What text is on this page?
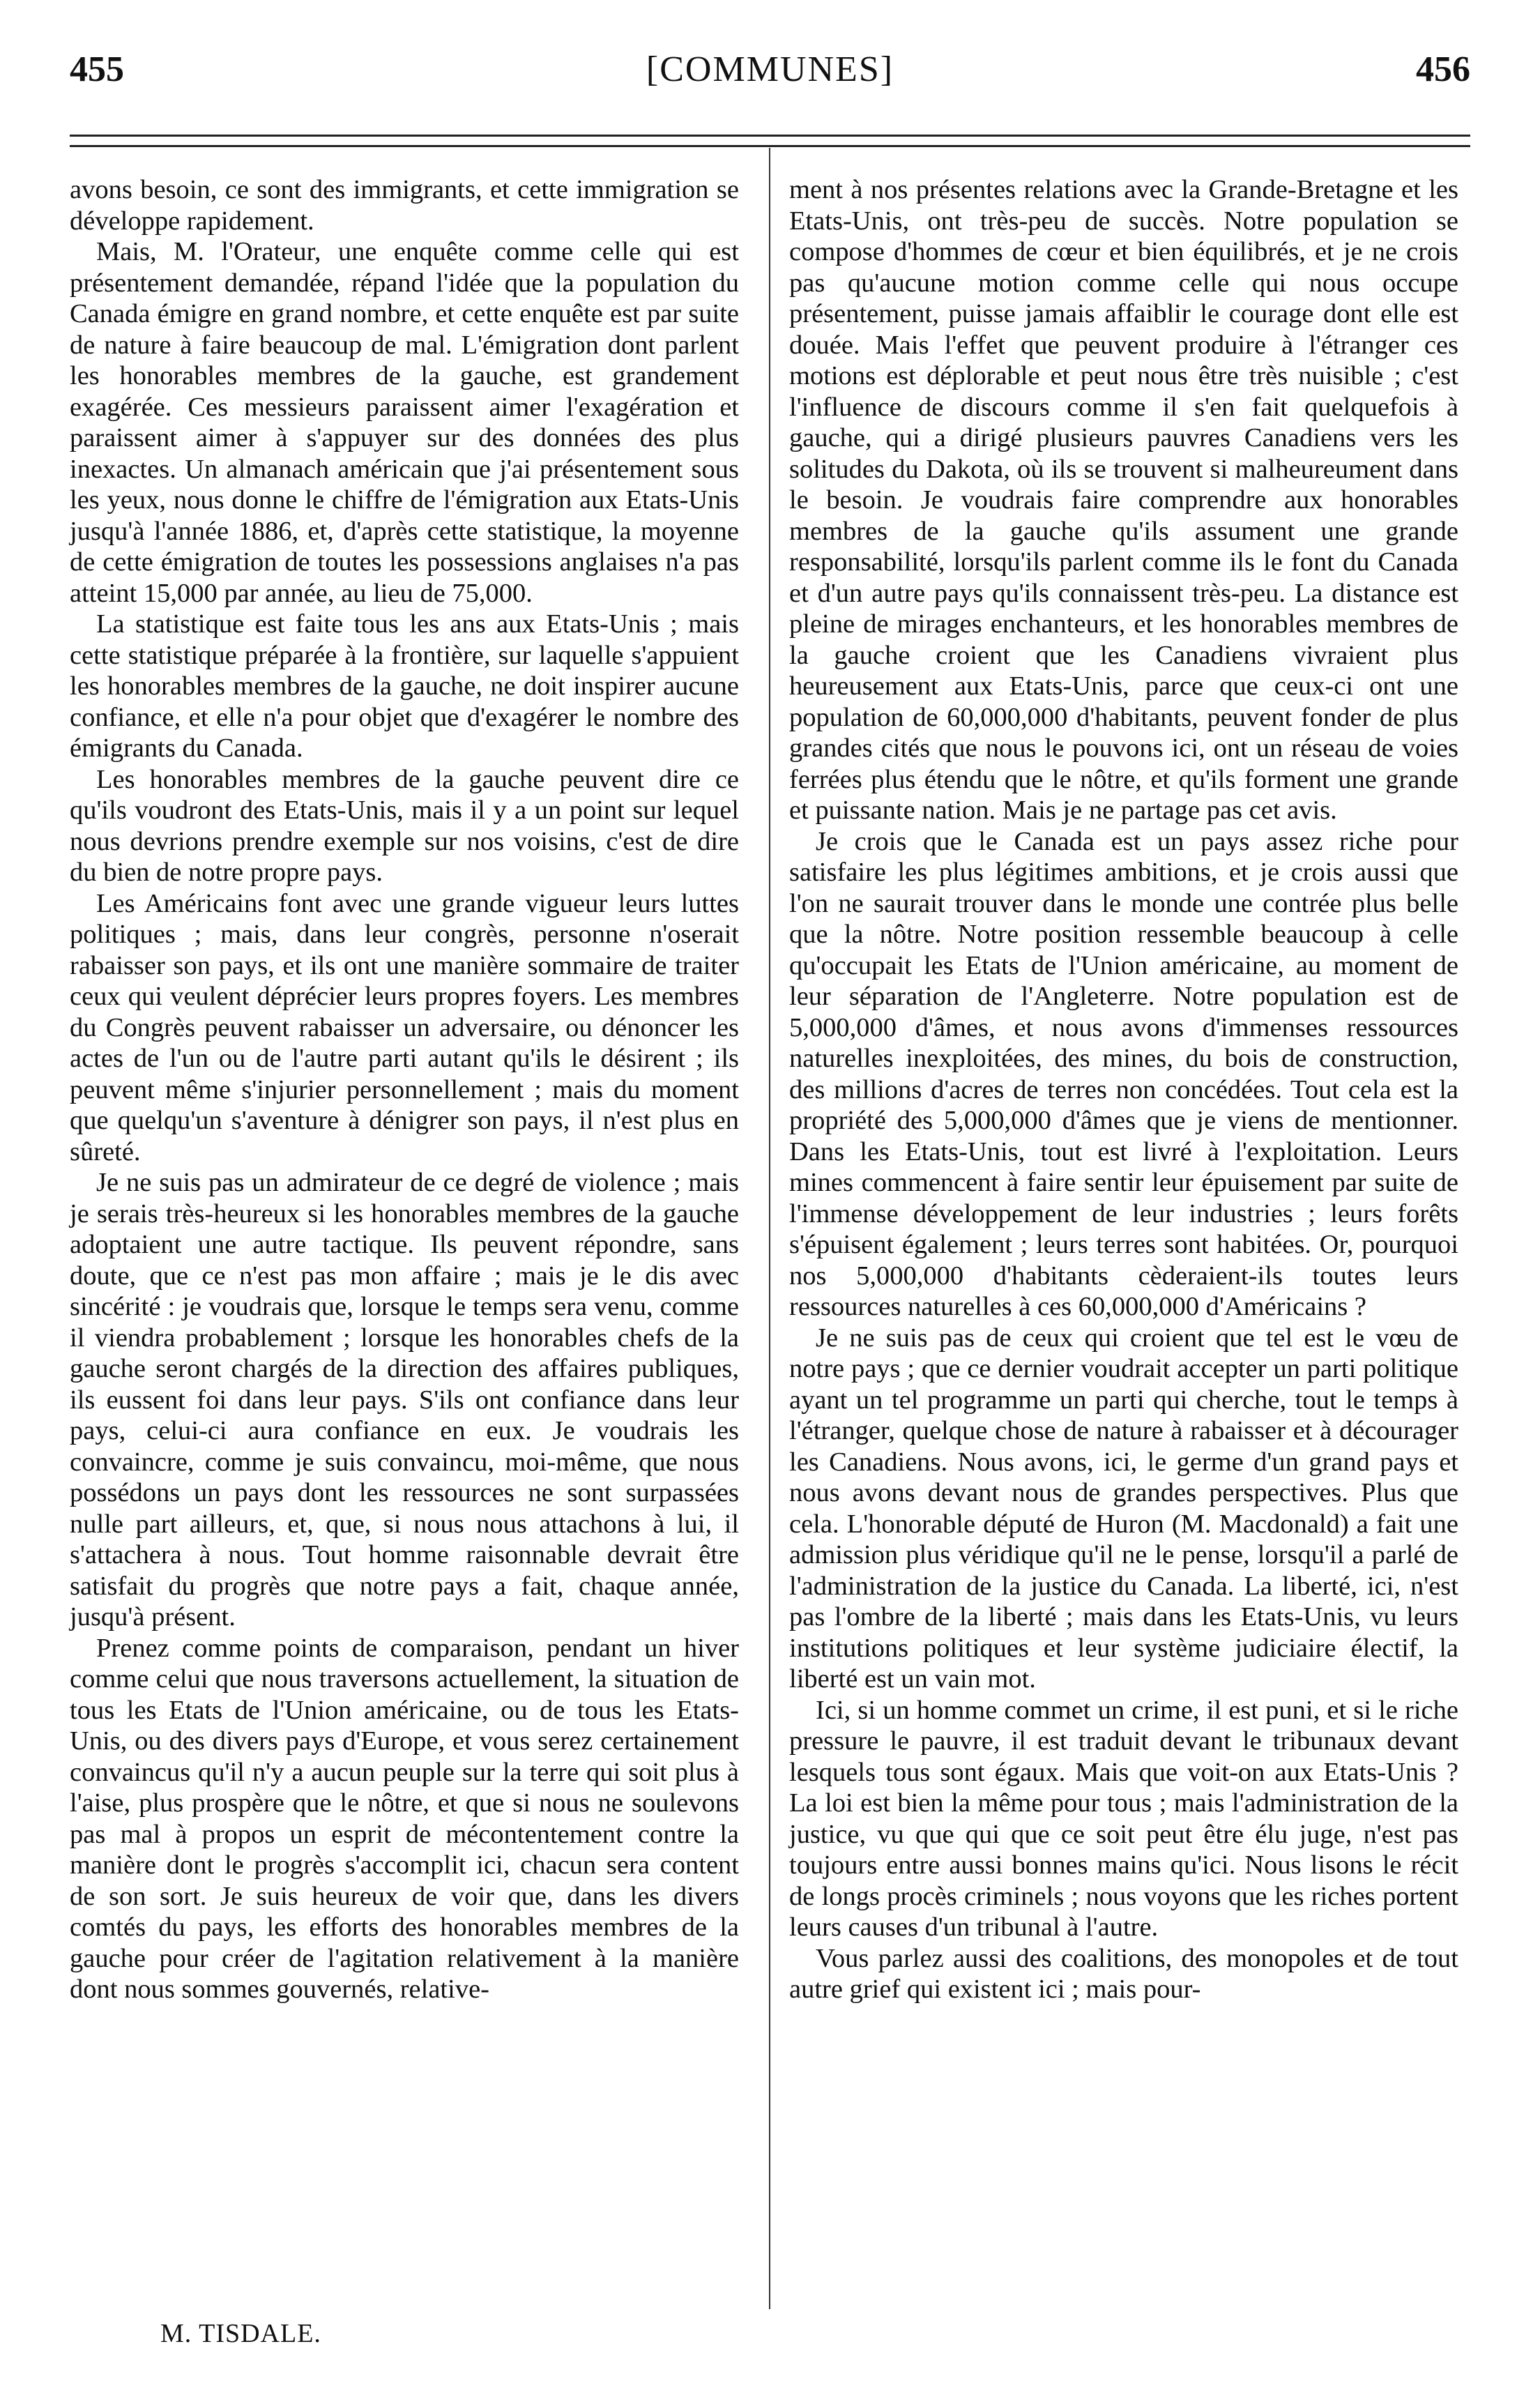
455	[COMMUNES]	456

avons besoin, ce sont des immigrants, et cette immigration se développe rapidement.

Mais, M. l'Orateur, une enquête comme celle qui est présentement demandée, répand l'idée que la population du Canada émigre en grand nombre, et cette enquête est par suite de nature à faire beaucoup de mal. L'émigration dont parlent les honorables membres de la gauche, est grandement exagérée. Ces messieurs paraissent aimer l'exagération et paraissent aimer à s'appuyer sur des données des plus inexactes. Un almanach américain que j'ai présentement sous les yeux, nous donne le chiffre de l'émigration aux Etats-Unis jusqu'à l'année 1886, et, d'après cette statistique, la moyenne de cette émigration de toutes les possessions anglaises n'a pas atteint 15,000 par année, au lieu de 75,000.

La statistique est faite tous les ans aux Etats-Unis ; mais cette statistique préparée à la frontière, sur laquelle s'appuient les honorables membres de la gauche, ne doit inspirer aucune confiance, et elle n'a pour objet que d'exagérer le nombre des émigrants du Canada.

Les honorables membres de la gauche peuvent dire ce qu'ils voudront des Etats-Unis, mais il y a un point sur lequel nous devrions prendre exemple sur nos voisins, c'est de dire du bien de notre propre pays.

Les Américains font avec une grande vigueur leurs luttes politiques ; mais, dans leur congrès, personne n'oserait rabaisser son pays, et ils ont une manière sommaire de traiter ceux qui veulent déprécier leurs propres foyers. Les membres du Congrès peuvent rabaisser un adversaire, ou dénoncer les actes de l'un ou de l'autre parti autant qu'ils le désirent ; ils peuvent même s'injurier personnellement ; mais du moment que quelqu'un s'aventure à dénigrer son pays, il n'est plus en sûreté.

Je ne suis pas un admirateur de ce degré de violence ; mais je serais très-heureux si les honorables membres de la gauche adoptaient une autre tactique. Ils peuvent répondre, sans doute, que ce n'est pas mon affaire ; mais je le dis avec sincérité : je voudrais que, lorsque le temps sera venu, comme il viendra probablement ; lorsque les honorables chefs de la gauche seront chargés de la direction des affaires publiques, ils eussent foi dans leur pays. S'ils ont confiance dans leur pays, celui-ci aura confiance en eux. Je voudrais les convaincre, comme je suis convaincu, moi-même, que nous possédons un pays dont les ressources ne sont surpassées nulle part ailleurs, et, que, si nous nous attachons à lui, il s'attachera à nous. Tout homme raisonnable devrait être satisfait du progrès que notre pays a fait, chaque année, jusqu'à présent.

Prenez comme points de comparaison, pendant un hiver comme celui que nous traversons actuellement, la situation de tous les Etats de l'Union américaine, ou de tous les Etats-Unis, ou des divers pays d'Europe, et vous serez certainement convaincus qu'il n'y a aucun peuple sur la terre qui soit plus à l'aise, plus prospère que le nôtre, et que si nous ne soulevons pas mal à propos un esprit de mécontentement contre la manière dont le progrès s'accomplit ici, chacun sera content de son sort. Je suis heureux de voir que, dans les divers comtés du pays, les efforts des honorables membres de la gauche pour créer de l'agitation relativement à la manière dont nous sommes gouvernés, relative-

ment à nos présentes relations avec la Grande-Bretagne et les Etats-Unis, ont très-peu de succès. Notre population se compose d'hommes de cœur et bien équilibrés, et je ne crois pas qu'aucune motion comme celle qui nous occupe présentement, puisse jamais affaiblir le courage dont elle est douée. Mais l'effet que peuvent produire à l'étranger ces motions est déplorable et peut nous être très nuisible ; c'est l'influence de discours comme il s'en fait quelquefois à gauche, qui a dirigé plusieurs pauvres Canadiens vers les solitudes du Dakota, où ils se trouvent si malheureument dans le besoin. Je voudrais faire comprendre aux honorables membres de la gauche qu'ils assument une grande responsabilité, lorsqu'ils parlent comme ils le font du Canada et d'un autre pays qu'ils connaissent très-peu. La distance est pleine de mirages enchanteurs, et les honorables membres de la gauche croient que les Canadiens vivraient plus heureusement aux Etats-Unis, parce que ceux-ci ont une population de 60,000,000 d'habitants, peuvent fonder de plus grandes cités que nous le pouvons ici, ont un réseau de voies ferrées plus étendu que le nôtre, et qu'ils forment une grande et puissante nation. Mais je ne partage pas cet avis.

Je crois que le Canada est un pays assez riche pour satisfaire les plus légitimes ambitions, et je crois aussi que l'on ne saurait trouver dans le monde une contrée plus belle que la nôtre. Notre position ressemble beaucoup à celle qu'occupait les Etats de l'Union américaine, au moment de leur séparation de l'Angleterre. Notre population est de 5,000,000 d'âmes, et nous avons d'immenses ressources naturelles inexploitées, des mines, du bois de construction, des millions d'acres de terres non concédées. Tout cela est la propriété des 5,000,000 d'âmes que je viens de mentionner. Dans les Etats-Unis, tout est livré à l'exploitation. Leurs mines commencent à faire sentir leur épuisement par suite de l'immense développement de leur industries ; leurs forêts s'épuisent également ; leurs terres sont habitées. Or, pourquoi nos 5,000,000 d'habitants cèderaient-ils toutes leurs ressources naturelles à ces 60,000,000 d'Américains ?

Je ne suis pas de ceux qui croient que tel est le vœu de notre pays ; que ce dernier voudrait accepter un parti politique ayant un tel programme un parti qui cherche, tout le temps à l'étranger, quelque chose de nature à rabaisser et à décourager les Canadiens. Nous avons, ici, le germe d'un grand pays et nous avons devant nous de grandes perspectives. Plus que cela. L'honorable député de Huron (M. Macdonald) a fait une admission plus véridique qu'il ne le pense, lorsqu'il a parlé de l'administration de la justice du Canada. La liberté, ici, n'est pas l'ombre de la liberté ; mais dans les Etats-Unis, vu leurs institutions politiques et leur système judiciaire électif, la liberté est un vain mot.

Ici, si un homme commet un crime, il est puni, et si le riche pressure le pauvre, il est traduit devant le tribunaux devant lesquels tous sont égaux. Mais que voit-on aux Etats-Unis ? La loi est bien la même pour tous ; mais l'administration de la justice, vu que qui que ce soit peut être élu juge, n'est pas toujours entre aussi bonnes mains qu'ici. Nous lisons le récit de longs procès criminels ; nous voyons que les riches portent leurs causes d'un tribunal à l'autre.

Vous parlez aussi des coalitions, des monopoles et de tout autre grief qui existent ici ; mais pour-

M. TISDALE.
